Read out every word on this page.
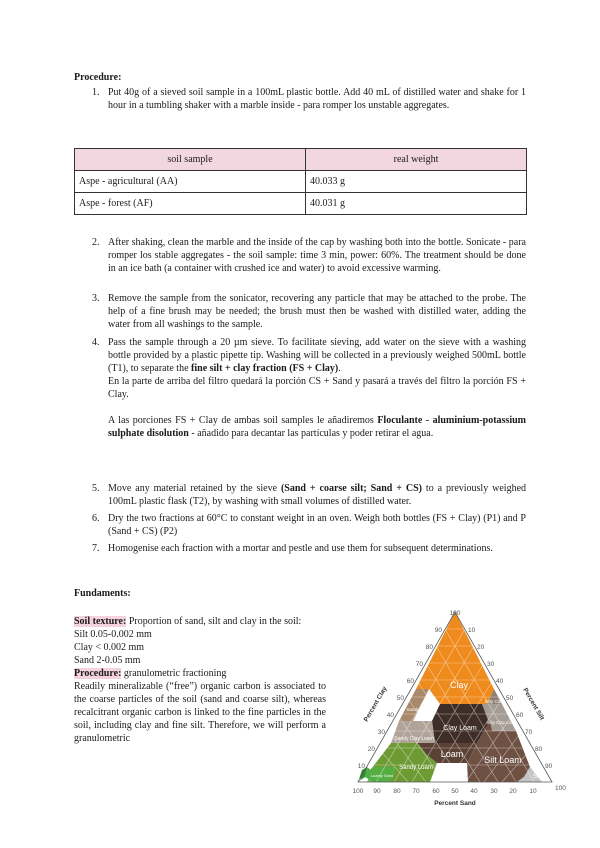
Procedure:
1. Put 40g of a sieved soil sample in a 100mL plastic bottle. Add 40 mL of distilled water and shake for 1 hour in a tumbling shaker with a marble inside - para romper los unstable aggregates.

soil sample	real weight
Aspe - agricultural (AA)	40.033 g
Aspe - forest (AF)	40.031 g
2. After shaking, clean the marble and the inside of the cap by washing both into the bottle. Sonicate - para romper los stable aggregates - the soil sample: time 3 min, power: 60%. The treatment should be done in an ice bath (a container with crushed ice and water) to avoid excessive warming.

3. Remove the sample from the sonicator, recovering any particle that may be attached to the probe. The help of a fine brush may be needed; the brush must then be washed with distilled water, adding the water from all washings to the sample.

4. Pass the sample through a 20 µm sieve. To facilitate sieving, add water on the sieve with a washing bottle provided by a plastic pipette tip. Washing will be collected in a previously weighed 500mL bottle (T1), to separate the fine silt + clay fraction (FS + Clay).

En la parte de arriba del filtro quedará la porción CS + Sand y pasará a través del filtro la porción FS + Clay.

A las porciones FS + Clay de ambas soil samples le añadiremos Floculante - aluminium-potassium sulphate disolution - añadido para decantar las partículas y poder retirar el agua.

5. Move any material retained by the sieve (Sand + coarse silt; Sand + CS) to a previously weighed 100mL plastic flask (T2), by washing with small volumes of distilled water.

6. Dry the two fractions at 60°C to constant weight in an oven. Weigh both bottles (FS + Clay) (P1) and P (Sand + CS) (P2)

7. Homogenise each fraction with a mortar and pestle and use them for subsequent determinations.

Fundaments:
Soil texture: Proportion of sand, silt and clay in the soil:
Silt 0.05-0.002 mm
Clay < 0.002 mm
Sand 2-0.05 mm
Procedure: granulometric fractioning

Readily mineralizable (“free”) organic carbon is associated to the coarse particles of the soil (sand and coarse silt), whereas recalcitrant organic carbon is linked to the fine particles in the soil, including clay and fine silt. Therefore, we will perform a granulometric

Clay
Sandy Clay
Silty Clay
Clay Loam
Silty Clay Loam
Sandy Clay Loam
Loam
Sandy Loam
Silt Loam
Silt
Loamy Sand
Sand
Percent Clay	Percent Silt
Percent Sand
100
90
80
70
60
50
40
30
20
10
10
20
30
40
50
60
70
80
90
100
100 90 80 70 60 50 40 30 20 10
